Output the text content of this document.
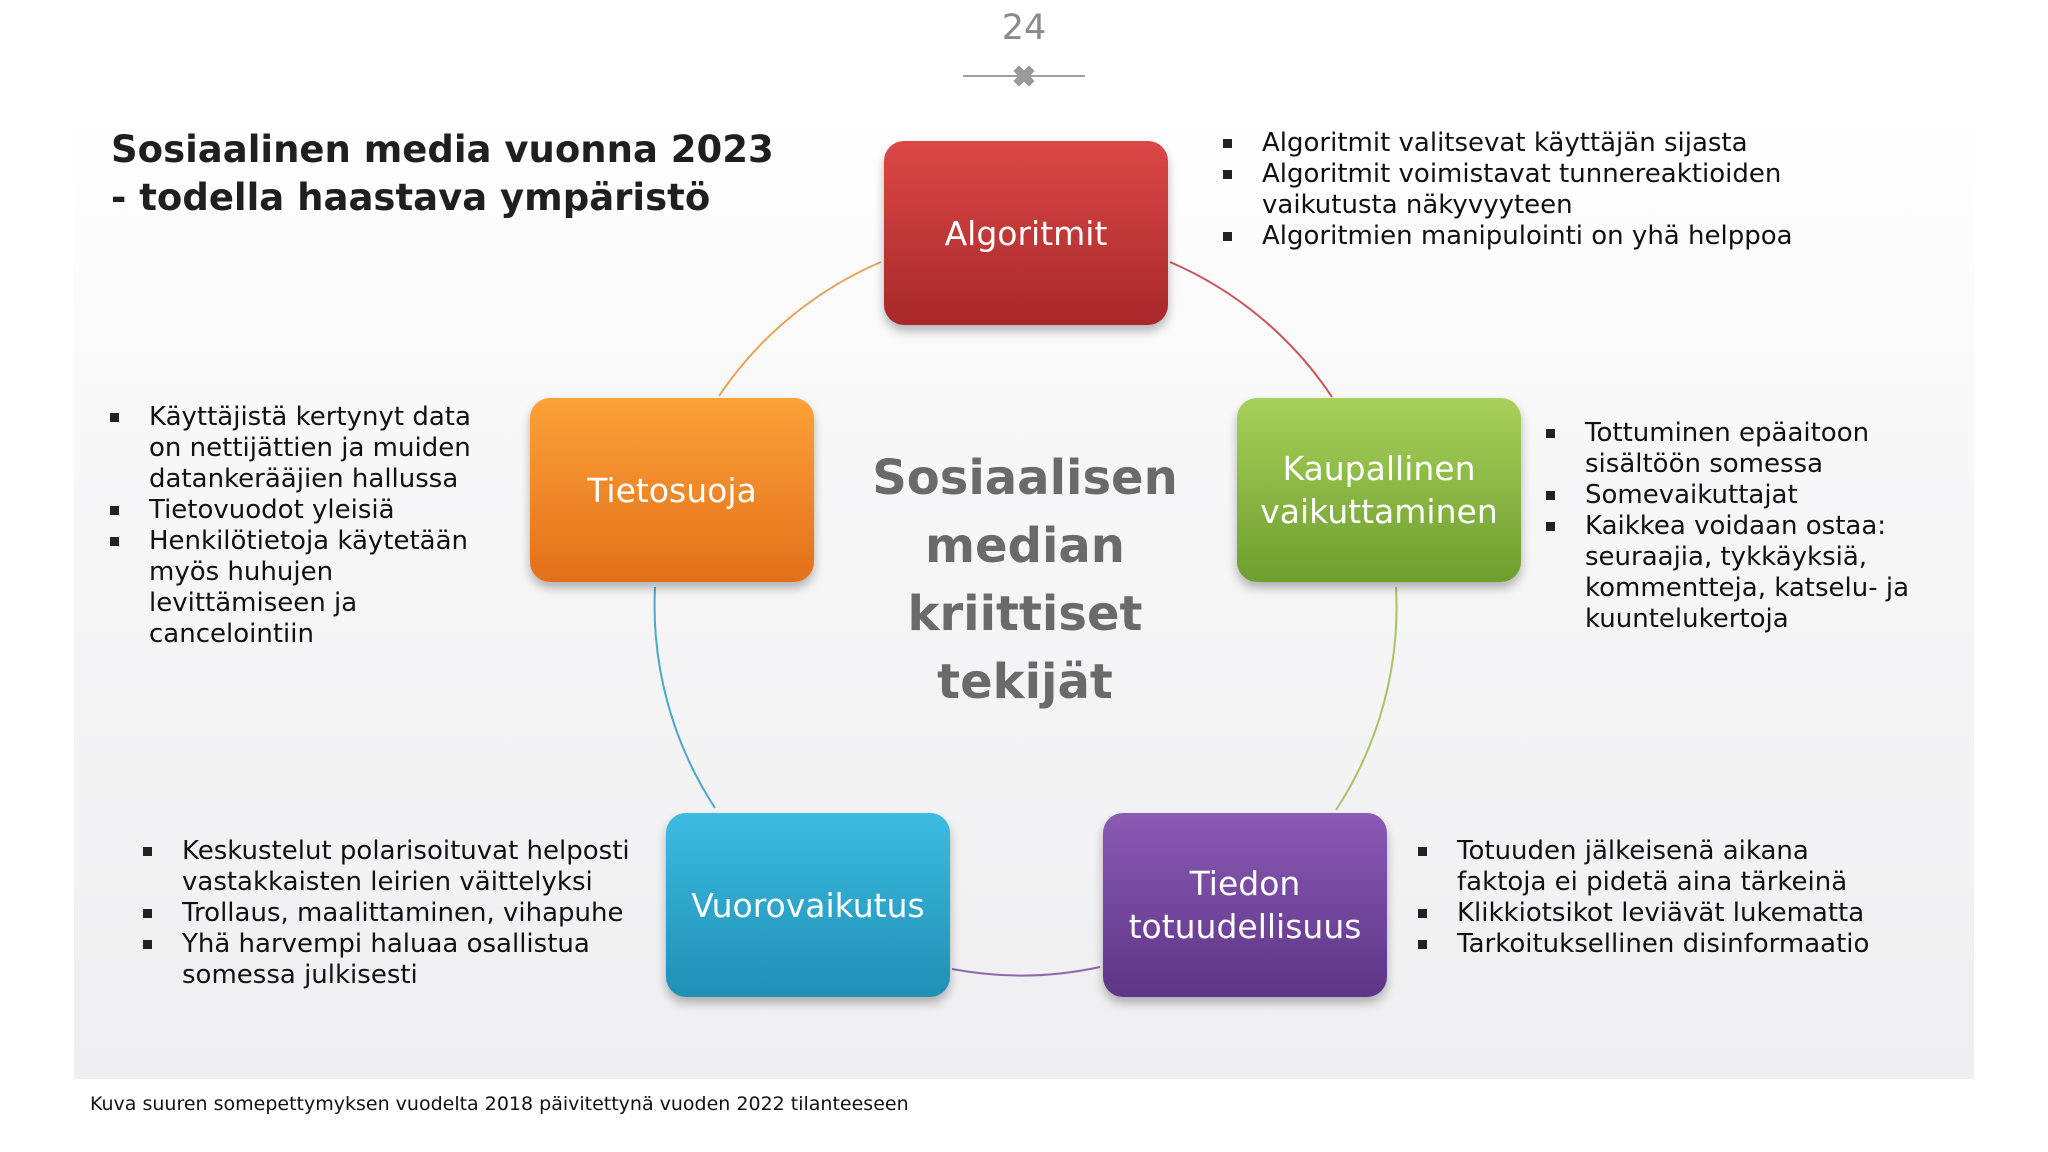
24
Sosiaalinen media vuonna 2023
- todella haastava ympäristö
Algoritmit
Kaupallinen
vaikuttaminen
Tietosuoja
Vuorovaikutus
Tiedon
totuudellisuus

Sosiaalisen
median
kriittiset
tekijät

Algoritmit valitsevat käyttäjän sijasta
Algoritmit voimistavat tunnereaktioiden
vaikutusta näkyvyyteen
Algoritmien manipulointi on yhä helppoa
Tottuminen epäaitoon
sisältöön somessa
Somevaikuttajat
Kaikkea voidaan ostaa:
seuraajia, tykkäyksiä,
kommentteja, katselu- ja
kuuntelukertoja
Käyttäjistä kertynyt data
on nettijättien ja muiden
datankerääjien hallussa
Tietovuodot yleisiä
Henkilötietoja käytetään
myös huhujen
levittämiseen ja
cancelointiin
Keskustelut polarisoituvat helposti
vastakkaisten leirien väittelyksi
Trollaus, maalittaminen, vihapuhe
Yhä harvempi haluaa osallistua
somessa julkisesti
Totuuden jälkeisenä aikana
faktoja ei pidetä aina tärkeinä
Klikkiotsikot leviävät lukematta
Tarkoituksellinen disinformaatio

Kuva suuren somepettymyksen vuodelta 2018 päivitettynä vuoden 2022 tilanteeseen
